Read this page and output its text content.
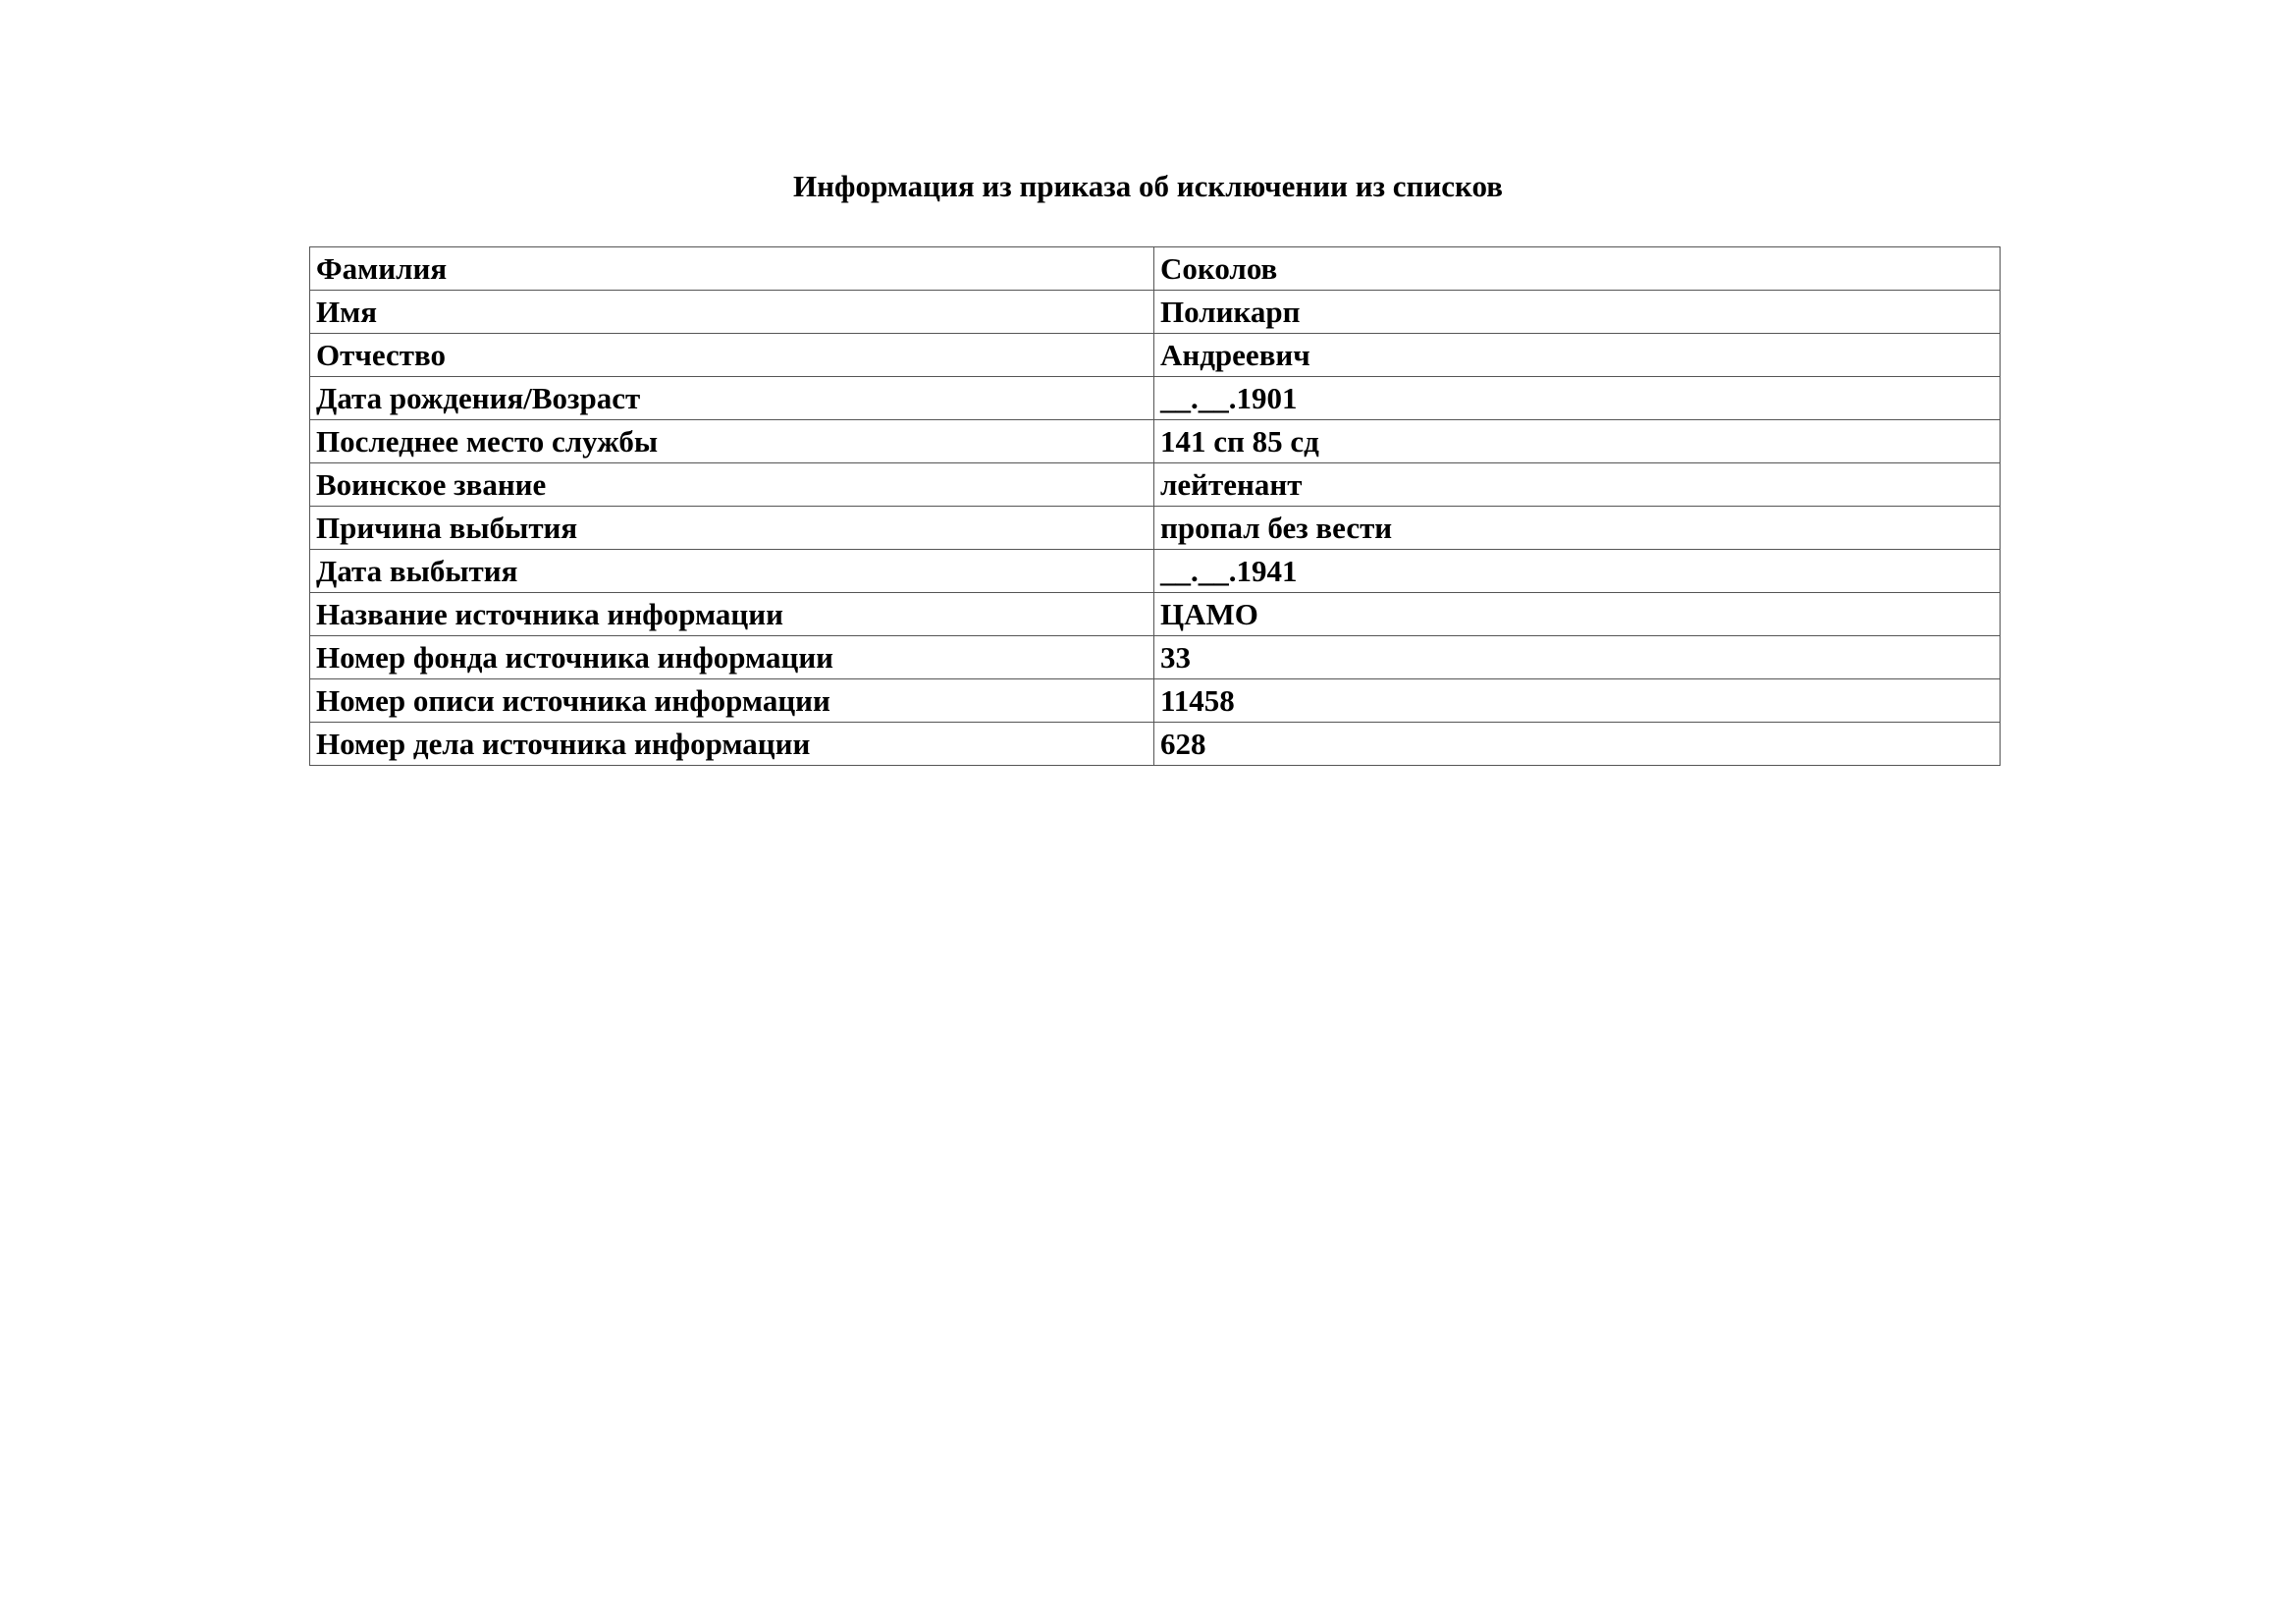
Информация из приказа об исключении из списков
Фамилия	Соколов
Имя	Поликарп
Отчество	Андреевич
Дата рождения/Возраст	__.__.1901
Последнее место службы	141 сп 85 сд
Воинское звание	лейтенант
Причина выбытия	пропал без вести
Дата выбытия	__.__.1941
Название источника информации	ЦАМО
Номер фонда источника информации	33
Номер описи источника информации	11458
Номер дела источника информации	628
